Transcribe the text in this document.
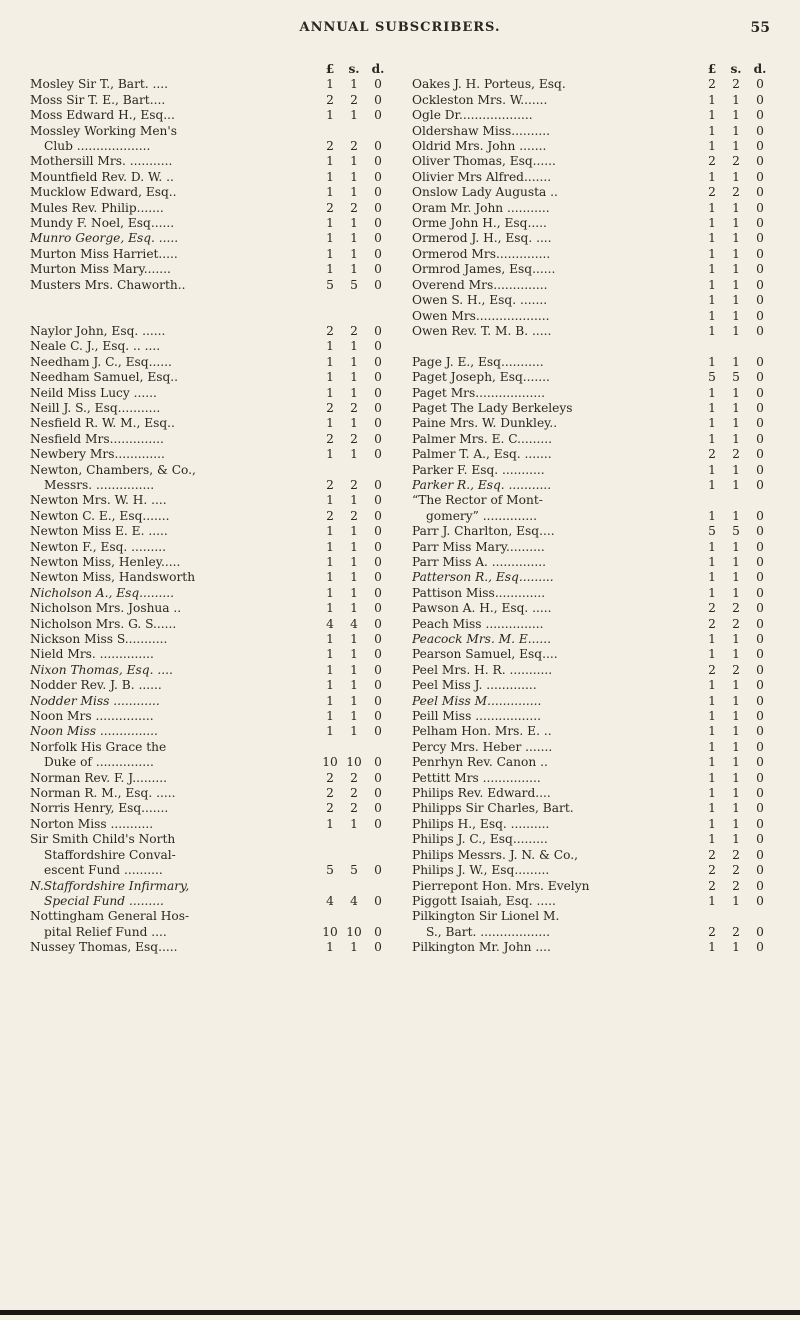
ANNUAL SUBSCRIBERS.	55
£	s. d.
Mosley Sir T., Bart. ....	1	1	0
Moss Sir T. E., Bart....	2	2	0
Moss Edward H., Esq...	1	1	0
Mossley Working Men's
Club ...................	2	2	0
Mothersill Mrs. ...........	1	1	0
Mountfield Rev. D. W. ..	1	1	0
Mucklow Edward, Esq..	1	1	0
Mules Rev. Philip.......	2	2	0
Mundy F. Noel, Esq......	1	1	0
Munro George, Esq. .....	1	1	0
Murton Miss Harriet.....	1	1	0
Murton Miss Mary.......	1	1	0
Musters Mrs. Chaworth..	5	5	0
Naylor John, Esq. ......	2	2	0
Neale C. J., Esq. .. ....	1	1	0
Needham J. C., Esq......	1	1	0
Needham Samuel, Esq..	1	1	0
Neild Miss Lucy ......	1	1	0
Neill J. S., Esq...........	2	2	0
Nesfield R. W. M., Esq..	1	1	0
Nesfield Mrs..............	2	2	0
Newbery Mrs.............	1	1	0
Newton, Chambers, & Co.,
Messrs. ...............	2	2	0
Newton Mrs. W. H. ....	1	1	0
Newton C. E., Esq.......	2	2	0
Newton Miss E. E. .....	1	1	0
Newton F., Esq. .........	1	1	0
Newton Miss, Henley.....	1	1	0
Newton Miss, Handsworth	1	1	0
Nicholson A., Esq.........	1	1	0
Nicholson Mrs. Joshua ..	1	1	0
Nicholson Mrs. G. S......	4	4	0
Nickson Miss S...........	1	1	0
Nield Mrs. ..............	1	1	0
Nixon Thomas, Esq. ....	1	1	0
Nodder Rev. J. B. ......	1	1	0
Nodder Miss ............	1	1	0
Noon Mrs ...............	1	1	0
Noon Miss ...............	1	1	0
Norfolk His Grace the
Duke of ...............	10 10	0
Norman Rev. F. J.........	2	2	0
Norman R. M., Esq. .....	2	2	0
Norris Henry, Esq.......	2	2	0
Norton Miss ...........	1	1	0
Sir Smith Child's North
Staffordshire Conval-
escent Fund ..........	5	5	0
N.Staffordshire Infirmary,
Special Fund .........	4	4	0
Nottingham General Hos-
pital Relief Fund ....	10 10	0
Nussey Thomas, Esq.....	1	1	0
£	s. d.
Oakes J. H. Porteus, Esq.	2	2	0
Ockleston Mrs. W.......	1	1	0
Ogle Dr...................	1	1	0
Oldershaw Miss..........	1	1	0
Oldrid Mrs. John .......	1	1	0
Oliver Thomas, Esq......	2	2	0
Olivier Mrs Alfred.......	1	1	0
Onslow Lady Augusta ..	2	2	0
Oram Mr. John ...........	1	1	0
Orme John H., Esq.....	1	1	0
Ormerod J. H., Esq. ....	1	1	0
Ormerod Mrs..............	1	1	0
Ormrod James, Esq......	1	1	0
Overend Mrs..............	1	1	0
Owen S. H., Esq. .......	1	1	0
Owen Mrs...................	1	1	0
Owen Rev. T. M. B. .....	1	1	0
Page J. E., Esq...........	1	1	0
Paget Joseph, Esq.......	5	5	0
Paget Mrs..................	1	1	0
Paget The Lady Berkeleys	1	1	0
Paine Mrs. W. Dunkley..	1	1	0
Palmer Mrs. E. C.........	1	1	0
Palmer T. A., Esq. .......	2	2	0
Parker F. Esq. ...........	1	1	0
Parker R., Esq. ...........	1	1	0
“The Rector of Mont-
gomery” ..............	1	1	0
Parr J. Charlton, Esq....	5	5	0
Parr Miss Mary..........	1	1	0
Parr Miss A. ..............	1	1	0
Patterson R., Esq.........	1	1	0
Pattison Miss.............	1	1	0
Pawson A. H., Esq. .....	2	2	0
Peach Miss ...............	2	2	0
Peacock Mrs. M. E......	1	1	0
Pearson Samuel, Esq....	1	1	0
Peel Mrs. H. R. ...........	2	2	0
Peel Miss J. .............	1	1	0
Peel Miss M..............	1	1	0
Peill Miss .................	1	1	0
Pelham Hon. Mrs. E. ..	1	1	0
Percy Mrs. Heber .......	1	1	0
Penrhyn Rev. Canon ..	1	1	0
Pettitt Mrs ...............	1	1	0
Philips Rev. Edward....	1	1	0
Philipps Sir Charles, Bart.	1	1	0
Philips H., Esq. ..........	1	1	0
Philips J. C., Esq.........	1	1	0
Philips Messrs. J. N. & Co.,	2	2	0
Philips J. W., Esq.........	2	2	0
Pierrepont Hon. Mrs. Evelyn	2	2	0
Piggott Isaiah, Esq. .....	1	1	0
Pilkington Sir Lionel M.
S., Bart. ..................	2	2	0
Pilkington Mr. John ....	1	1	0
